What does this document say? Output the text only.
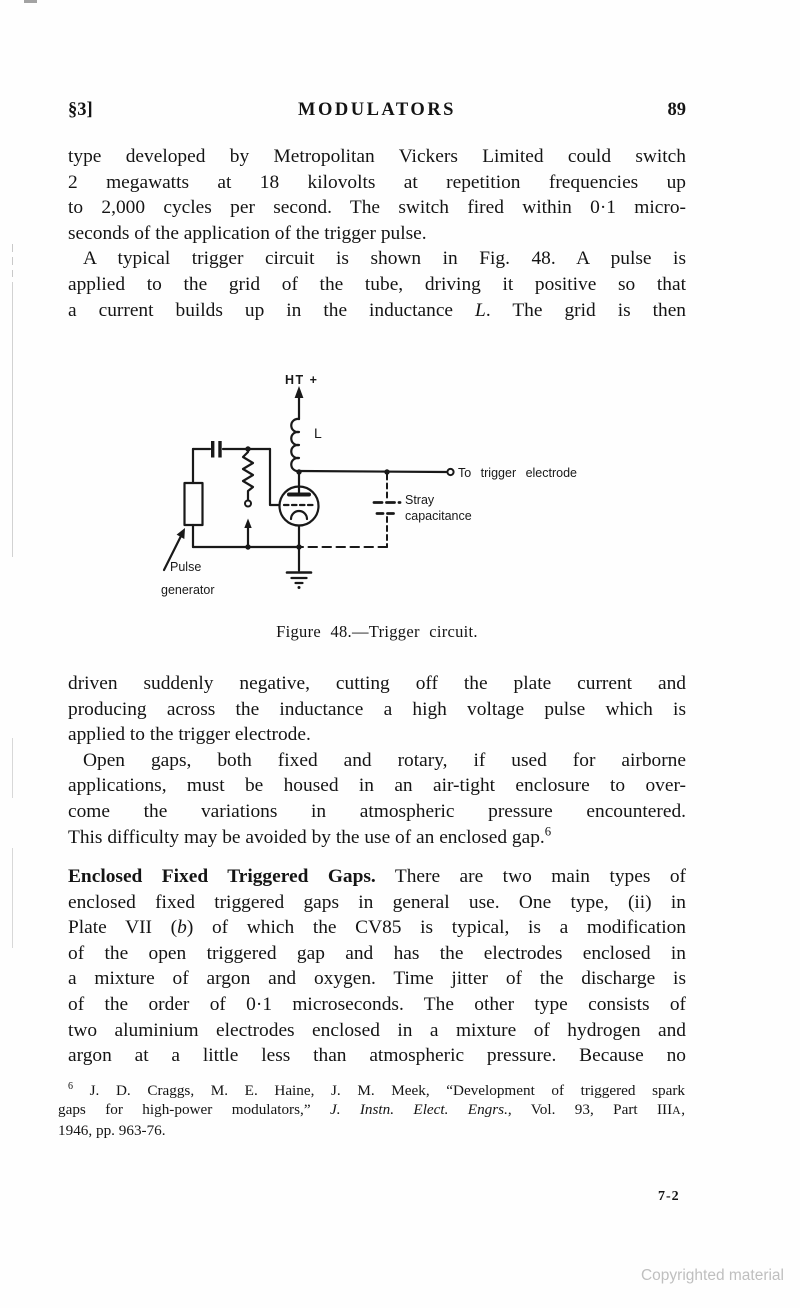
§3]	MODULATORS	89
type developed by Metropolitan Vickers Limited could switch
2 megawatts at 18 kilovolts at repetition frequencies up
to 2,000 cycles per second. The switch fired within 0·1 micro-
seconds of the application of the trigger pulse.
A typical trigger circuit is shown in Fig. 48. A pulse is
applied to the grid of the tube, driving it positive so that
a current builds up in the inductance L. The grid is then
HT +
L
To trigger electrode
Stray
capacitance
Pulse
generator
Figure 48.—Trigger circuit.
driven suddenly negative, cutting off the plate current and
producing across the inductance a high voltage pulse which is
applied to the trigger electrode.
Open gaps, both fixed and rotary, if used for airborne
applications, must be housed in an air-tight enclosure to over-
come the variations in atmospheric pressure encountered.
This difficulty may be avoided by the use of an enclosed gap.$^6$
Enclosed Fixed Triggered Gaps. There are two main types of
enclosed fixed triggered gaps in general use. One type, (ii) in
Plate VII (b) of which the CV85 is typical, is a modification
of the open triggered gap and has the electrodes enclosed in
a mixture of argon and oxygen. Time jitter of the discharge is
of the order of 0·1 microseconds. The other type consists of
two aluminium electrodes enclosed in a mixture of hydrogen and
argon at a little less than atmospheric pressure. Because no
$^6$ J. D. Craggs, M. E. Haine, J. M. Meek, “Development of triggered spark
gaps for high-power modulators,” J. Instn. Elect. Engrs., Vol. 93, Part IIIA,
1946, pp. 963-76.
7-2
Copyrighted material
